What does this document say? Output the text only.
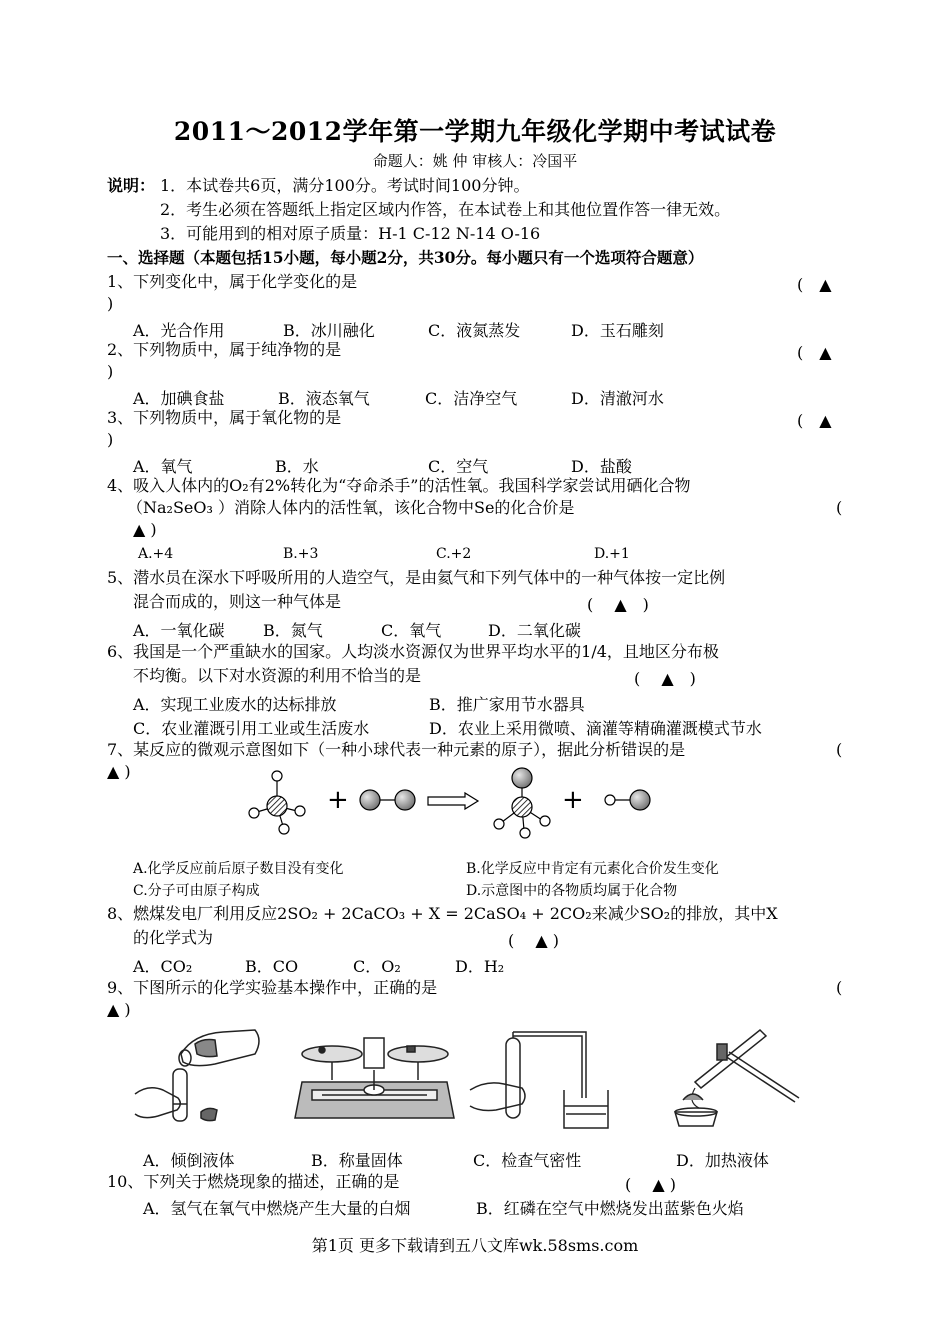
2011～2012学年第一学期九年级化学期中考试试卷
命题人：姚 仲 审核人：冷国平
说明： 1．本试卷共6页，满分100分。考试时间100分钟。
2．考生必须在答题纸上指定区域内作答，在本试卷上和其他位置作答一律无效。
3．可能用到的相对原子质量：H-1 C-12 N-14 O-16
一、选择题（本题包括15小题，每小题2分，共30分。每小题只有一个选项符合题意）
1、下列变化中，属于化学变化的是	(　▲
)
A．光合作用	B．冰川融化	C．液氮蒸发	D．玉石雕刻
2、下列物质中，属于纯净物的是	(　▲
)
A．加碘食盐	B．液态氧气	C．洁净空气	D．清澈河水
3、下列物质中，属于氧化物的是	(　▲
)
A．氧气	B．水	C．空气	D．盐酸
4、吸入人体内的O₂有2%转化为“夺命杀手”的活性氧。我国科学家尝试用硒化合物
（Na₂SeO₃ ）消除人体内的活性氧，该化合物中Se的化合价是	(
▲ )
A.+4	B.+3	C.+2	D.+1
5、潜水员在深水下呼吸所用的人造空气，是由氦气和下列气体中的一种气体按一定比例
混合而成的，则这一种气体是	(　 ▲　)
A．一氧化碳 B．氮气	C．氧气	D．二氧化碳
6、我国是一个严重缺水的国家。人均淡水资源仅为世界平均水平的1/4，且地区分布极
不均衡。以下对水资源的利用不恰当的是	(　 ▲　)
A．实现工业废水的达标排放	B．推广家用节水器具
C．农业灌溉引用工业或生活废水	D．农业上采用微喷、滴灌等精确灌溉模式节水
7、某反应的微观示意图如下（一种小球代表一种元素的原子），据此分析错误的是	(
▲ )
+	+
A.化学反应前后原子数目没有变化	B.化学反应中肯定有元素化合价发生变化
C.分子可由原子构成	D.示意图中的各物质均属于化合物
8、燃煤发电厂利用反应2SO₂ + 2CaCO₃ + X = 2CaSO₄ + 2CO₂来减少SO₂的排放，其中X
的化学式为	(　 ▲ )
A．CO₂	B．CO	C．O₂	D．H₂
9、下图所示的化学实验基本操作中，正确的是	(
▲ )
A．倾倒液体	B．称量固体	C．检查气密性	D．加热液体
10、下列关于燃烧现象的描述，正确的是	(　 ▲ )
A．氢气在氧气中燃烧产生大量的白烟	B．红磷在空气中燃烧发出蓝紫色火焰
第1页 更多下载请到五八文库wk.58sms.com
